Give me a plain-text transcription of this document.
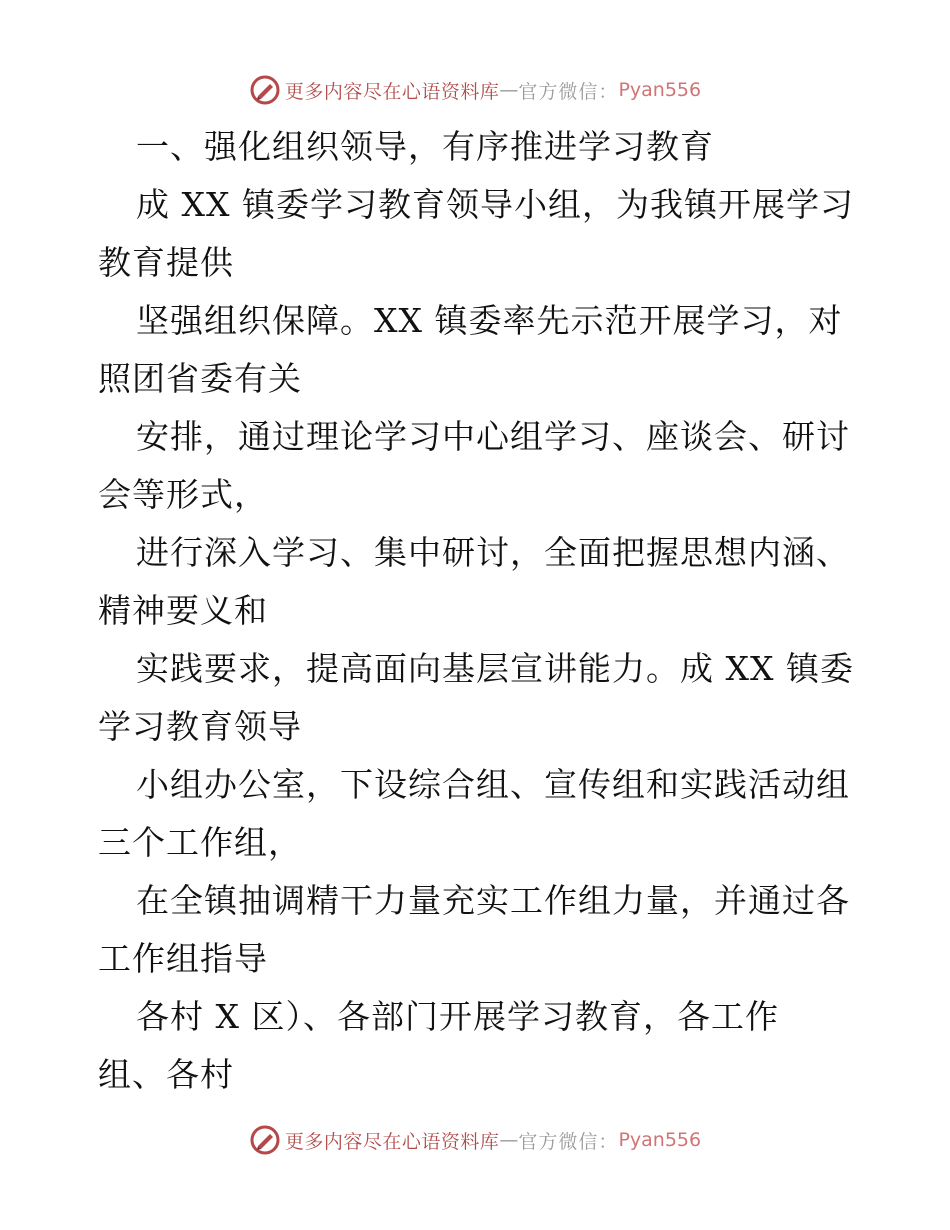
更多内容尽在心语资料库 — 官方微信： Pyan556
一、强化组织领导，有序推进学习教育
成 XX 镇委学习教育领导小组，为我镇开展学习
教育提供
坚强组织保障。XX 镇委率先示范开展学习，对
照团省委有关
安排，通过理论学习中心组学习、座谈会、研讨
会等形式，
进行深入学习、集中研讨，全面把握思想内涵、
精神要义和
实践要求，提高面向基层宣讲能力。成 XX 镇委
学习教育领导
小组办公室，下设综合组、宣传组和实践活动组
三个工作组，
在全镇抽调精干力量充实工作组力量，并通过各
工作组指导
各村 X 区）、各部门开展学习教育，各工作
组、各村
更多内容尽在心语资料库 — 官方微信： Pyan556
